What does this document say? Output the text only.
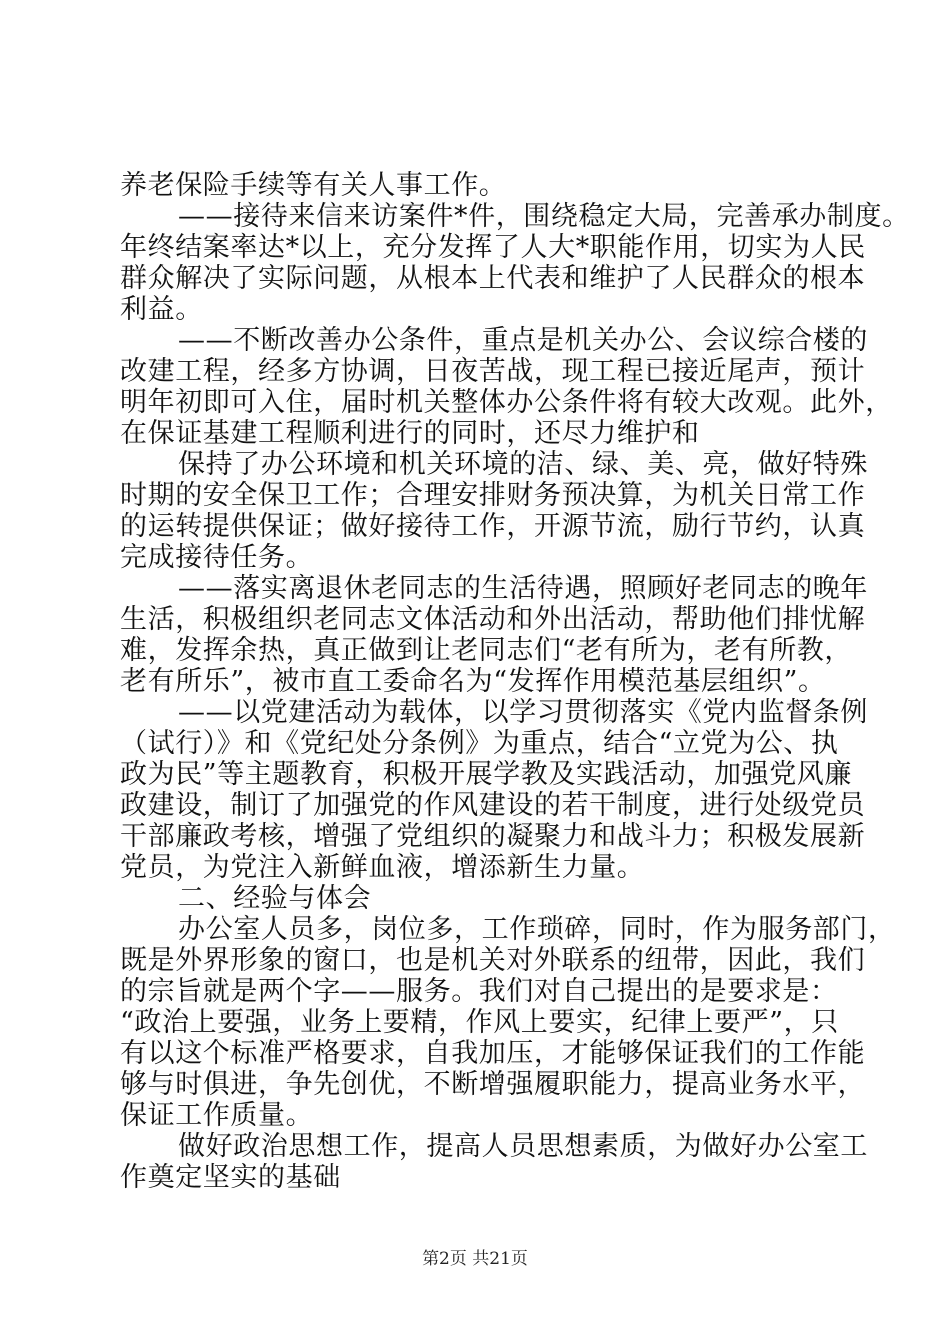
养老保险手续等有关人事工作。
——接待来信来访案件*件，围绕稳定大局，完善承办制度。
年终结案率达*以上，充分发挥了人大*职能作用，切实为人民
群众解决了实际问题，从根本上代表和维护了人民群众的根本
利益。
——不断改善办公条件，重点是机关办公、会议综合楼的
改建工程，经多方协调，日夜苦战，现工程已接近尾声，预计
明年初即可入住，届时机关整体办公条件将有较大改观。此外，
在保证基建工程顺利进行的同时，还尽力维护和
保持了办公环境和机关环境的洁、绿、美、亮，做好特殊
时期的安全保卫工作；合理安排财务预决算，为机关日常工作
的运转提供保证；做好接待工作，开源节流，励行节约，认真
完成接待任务。
——落实离退休老同志的生活待遇，照顾好老同志的晚年
生活，积极组织老同志文体活动和外出活动，帮助他们排忧解
难，发挥余热，真正做到让老同志们“老有所为，老有所教，
老有所乐”，被市直工委命名为“发挥作用模范基层组织”。
——以党建活动为载体，以学习贯彻落实《党内监督条例
（试行）》和《党纪处分条例》为重点，结合“立党为公、执
政为民”等主题教育，积极开展学教及实践活动，加强党风廉
政建设，制订了加强党的作风建设的若干制度，进行处级党员
干部廉政考核，增强了党组织的凝聚力和战斗力；积极发展新
党员，为党注入新鲜血液，增添新生力量。
二、经验与体会
办公室人员多，岗位多，工作琐碎，同时，作为服务部门，
既是外界形象的窗口，也是机关对外联系的纽带，因此，我们
的宗旨就是两个字——服务。我们对自己提出的是要求是：
“政治上要强，业务上要精，作风上要实，纪律上要严”，只
有以这个标准严格要求，自我加压，才能够保证我们的工作能
够与时俱进，争先创优，不断增强履职能力，提高业务水平，
保证工作质量。
做好政治思想工作，提高人员思想素质，为做好办公室工
作奠定坚实的基础
第2页 共21页
